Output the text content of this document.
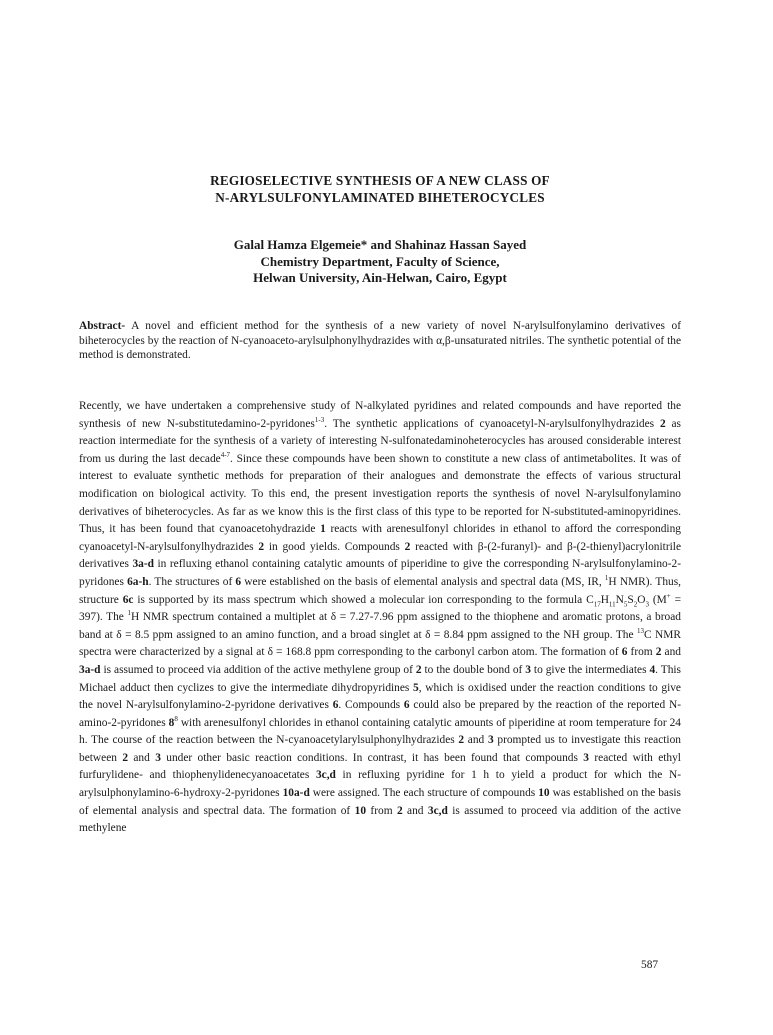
REGIOSELECTIVE SYNTHESIS OF A NEW CLASS OF
N-ARYLSULFONYLAMINATED BIHETEROCYCLES
Galal Hamza Elgemeie* and Shahinaz Hassan Sayed
Chemistry Department, Faculty of Science,
Helwan University, Ain-Helwan, Cairo, Egypt
Abstract- A novel and efficient method for the synthesis of a new variety of novel N-arylsulfonylamino derivatives of biheterocycles by the reaction of N-cyanoaceto-arylsulphonylhydrazides with α,β-unsaturated nitriles. The synthetic potential of the method is demonstrated.
Recently, we have undertaken a comprehensive study of N-alkylated pyridines and related compounds and have reported the synthesis of new N-substitutedamino-2-pyridones$^{1-3}$. The synthetic applications of cyanoacetyl-N-arylsulfonylhydrazides 2 as reaction intermediate for the synthesis of a variety of interesting N-sulfonatedaminoheterocycles has aroused considerable interest from us during the last decade$^{4-7}$. Since these compounds have been shown to constitute a new class of antimetabolites. It was of interest to evaluate synthetic methods for preparation of their analogues and demonstrate the effects of various structural modification on biological activity. To this end, the present investigation reports the synthesis of novel N-arylsulfonylamino derivatives of biheterocycles. As far as we know this is the first class of this type to be reported for N-substituted-aminopyridines. Thus, it has been found that cyanoacetohydrazide 1 reacts with arenesulfonyl chlorides in ethanol to afford the corresponding cyanoacetyl-N-arylsulfonylhydrazides 2 in good yields. Compounds 2 reacted with β-(2-furanyl)- and β-(2-thienyl)acrylonitrile derivatives 3a-d in refluxing ethanol containing catalytic amounts of piperidine to give the corresponding N-arylsulfonylamino-2-pyridones 6a-h. The structures of 6 were established on the basis of elemental analysis and spectral data (MS, IR, $^1$H NMR). Thus, structure 6c is supported by its mass spectrum which showed a molecular ion corresponding to the formula $C_{17}H_{11}N_5S_2O_3$ (M+ = 397). The $^1$H NMR spectrum contained a multiplet at δ = 7.27-7.96 ppm assigned to the thiophene and aromatic protons, a broad band at δ = 8.5 ppm assigned to an amino function, and a broad singlet at δ = 8.84 ppm assigned to the NH group. The $^{13}$C NMR spectra were characterized by a signal at δ = 168.8 ppm corresponding to the carbonyl carbon atom. The formation of 6 from 2 and 3a-d is assumed to proceed via addition of the active methylene group of 2 to the double bond of 3 to give the intermediates 4. This Michael adduct then cyclizes to give the intermediate dihydropyridines 5, which is oxidised under the reaction conditions to give the novel N-arylsulfonylamino-2-pyridone derivatives 6. Compounds 6 could also be prepared by the reaction of the reported N-amino-2-pyridones $8^8$ with arenesulfonyl chlorides in ethanol containing catalytic amounts of piperidine at room temperature for 24 h. The course of the reaction between the N-cyanoacetylarylsulphonylhydrazides 2 and 3 prompted us to investigate this reaction between 2 and 3 under other basic reaction conditions. In contrast, it has been found that compounds 3 reacted with ethyl furfurylidene- and thiophenylidenecyanoacetates 3c,d in refluxing pyridine for 1 h to yield a product for which the N-arylsulphonylamino-6-hydroxy-2-pyridones 10a-d were assigned. The each structure of compounds 10 was established on the basis of elemental analysis and spectral data. The formation of 10 from 2 and 3c,d is assumed to proceed via addition of the active methylene
587
